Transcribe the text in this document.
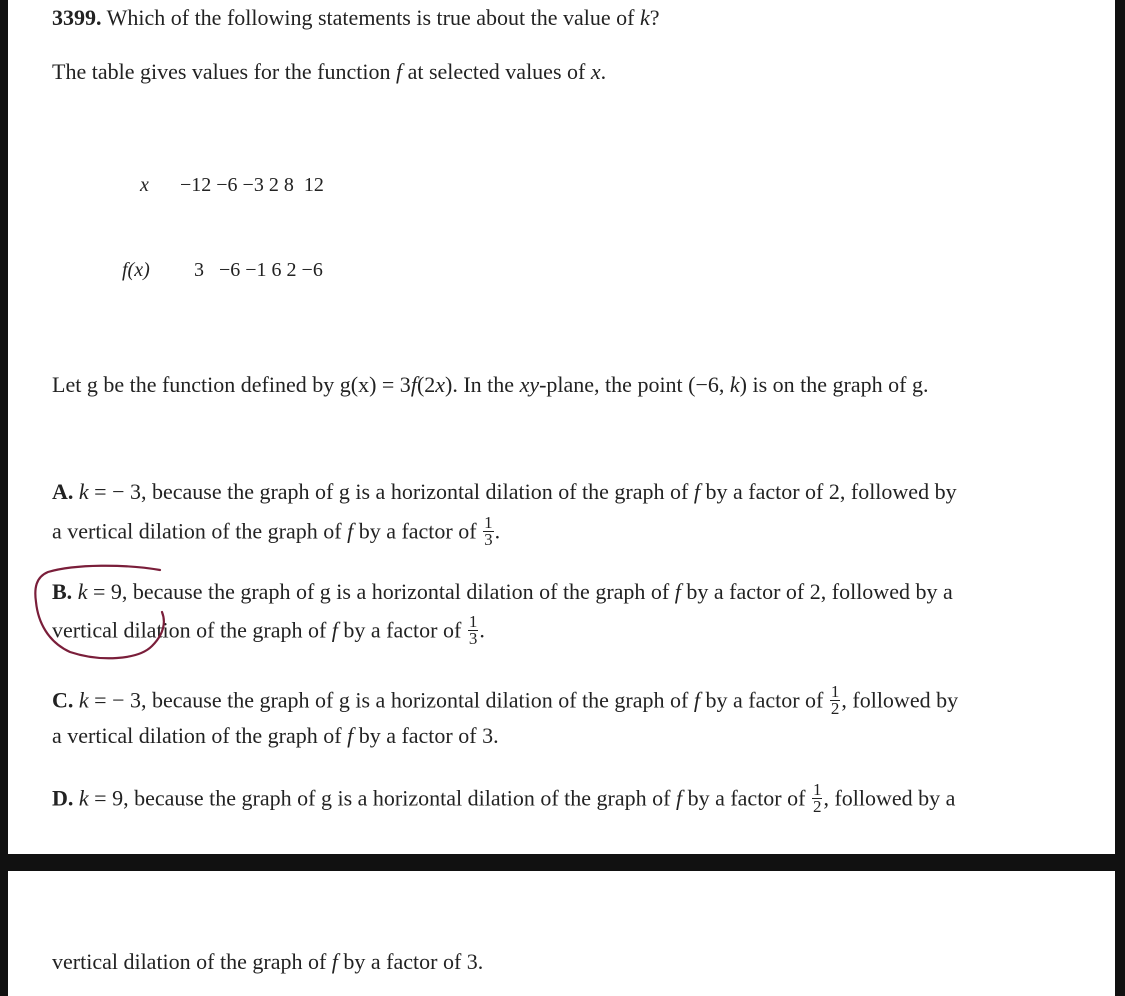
3399. Which of the following statements is true about the value of k?
The table gives values for the function f at selected values of x.
x −12 −6 −3 2 8  12
f(x) 3   −6 −1 6 2 −6
Let g be the function defined by g(x) = 3f(2x). In the xy-plane, the point (−6, k) is on the graph of g.
A. k = − 3, because the graph of g is a horizontal dilation of the graph of f by a factor of 2, followed by
a vertical dilation of the graph of f by a factor of $\frac{1}{3}$ .
B. k = 9, because the graph of g is a horizontal dilation of the graph of f by a factor of 2, followed by a
vertical dilation of the graph of f by a factor of $\frac{1}{3}$ .
C. k = − 3, because the graph of g is a horizontal dilation of the graph of f by a factor of $\frac{1}{2}$ , followed by
a vertical dilation of the graph of f by a factor of 3.
D. k = 9, because the graph of g is a horizontal dilation of the graph of f by a factor of $\frac{1}{2}$ , followed by a
vertical dilation of the graph of f by a factor of 3.
